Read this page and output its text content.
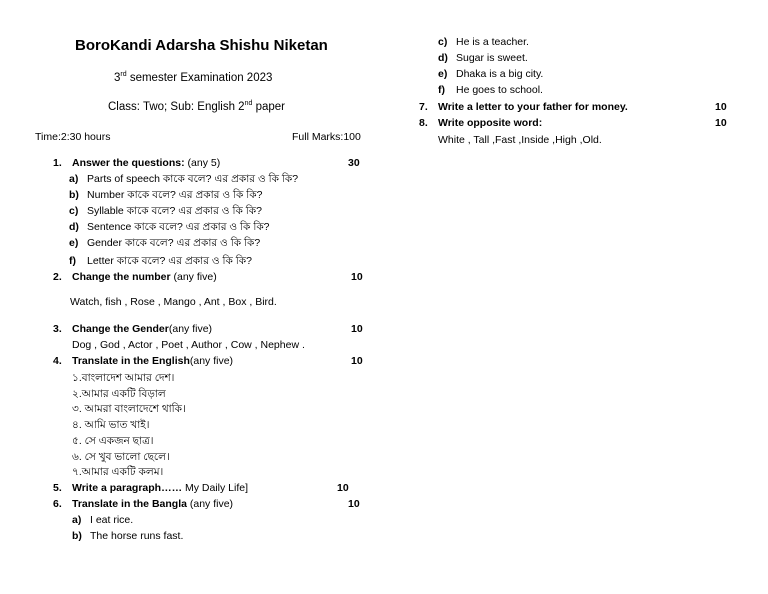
BoroKandi Adarsha Shishu Niketan
3rd semester Examination 2023
Class: Two; Sub: English 2nd paper
Time:2:30 hours	Full Marks:100
1. Answer the questions: (any 5)	30
a) Parts of speech কাকে বলে? এর প্রকার ও কি কি?
b) Number কাকে বলে? এর প্রকার ও কি কি?
c) Syllable কাকে বলে? এর প্রকার ও কি কি?
d) Sentence কাকে বলে? এর প্রকার ও কি কি?
e) Gender কাকে বলে? এর প্রকার ও কি কি?
f) Letter কাকে বলে? এর প্রকার ও কি কি?
2. Change the number (any five)	10
Watch, fish , Rose , Mango , Ant , Box , Bird.
3. Change the Gender(any five)	10
Dog , God , Actor , Poet , Author , Cow , Nephew .
4. Translate in the English(any five)	10
১.বাংলাদেশ আমার দেশ।
২.আমার একটি বিড়াল
৩. আমরা বাংলাদেশে থাকি।
৪. আমি ভাত খাই।
৫. সে একজন ছাত্র।
৬. সে খুব ভালো ছেলে।
৭.আমার একটি কলম।
5. Write a paragraph…… My Daily Life]	10
6. Translate in the Bangla (any five)	10
a) I eat rice.
b) The horse runs fast.
c) He is a teacher.
d) Sugar is sweet.
e) Dhaka is a big city.
f) He goes to school.
7. Write a letter to your father for money.	10
8. Write opposite word:	10
White , Tall ,Fast ,Inside ,High ,Old.
